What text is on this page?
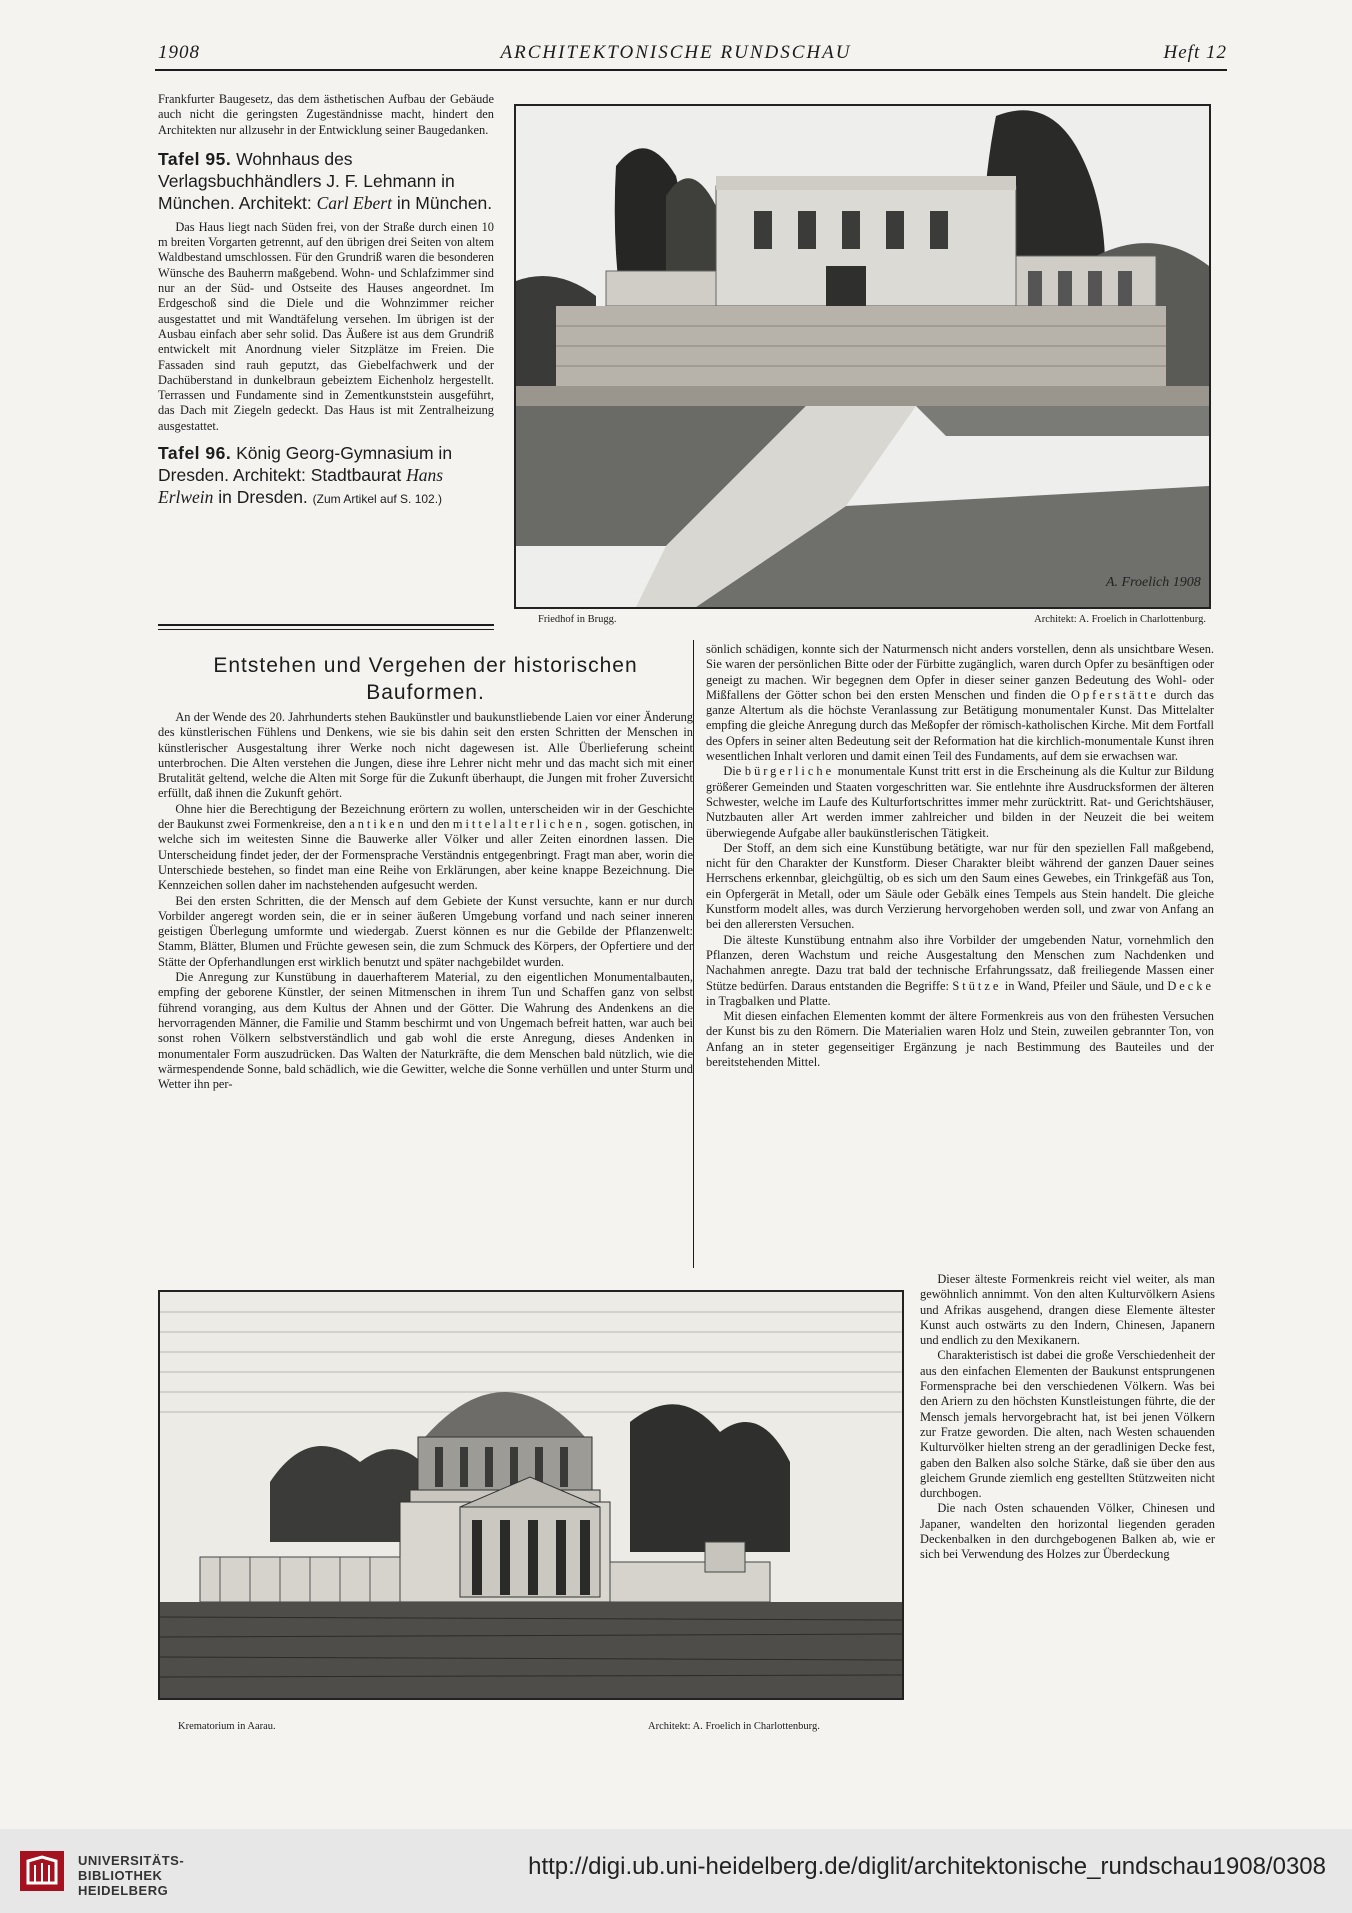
1908	ARCHITEKTONISCHE RUNDSCHAU	Heft 12

Frankfurter Baugesetz, das dem ästhetischen Aufbau der Gebäude auch nicht die geringsten Zugeständnisse macht, hindert den Architekten nur allzusehr in der Entwicklung seiner Baugedanken.

Tafel 95. Wohnhaus des Verlagsbuchhändlers J. F. Lehmann in München. Architekt: Carl Ebert in München.

Das Haus liegt nach Süden frei, von der Straße durch einen 10 m breiten Vorgarten getrennt, auf den übrigen drei Seiten von altem Waldbestand umschlossen. Für den Grundriß waren die besonderen Wünsche des Bauherrn maßgebend. Wohn- und Schlafzimmer sind nur an der Süd- und Ostseite des Hauses angeordnet. Im Erdgeschoß sind die Diele und die Wohnzimmer reicher ausgestattet und mit Wandtäfelung versehen. Im übrigen ist der Ausbau einfach aber sehr solid. Das Äußere ist aus dem Grundriß entwickelt mit Anordnung vieler Sitzplätze im Freien. Die Fassaden sind rauh geputzt, das Giebelfachwerk und der Dachüberstand in dunkelbraun gebeiztem Eichenholz hergestellt. Terrassen und Fundamente sind in Zementkunststein ausgeführt, das Dach mit Ziegeln gedeckt. Das Haus ist mit Zentralheizung ausgestattet.

Tafel 96. König Georg-Gymnasium in Dresden. Architekt: Stadtbaurat Hans Erlwein in Dresden. (Zum Artikel auf S. 102.)
A. Froelich 1908
Friedhof in Brugg.	Architekt: A. Froelich in Charlottenburg.
Entstehen und Vergehen der historischen
Bauformen.

An der Wende des 20. Jahrhunderts stehen Baukünstler und baukunstliebende Laien vor einer Änderung des künstlerischen Fühlens und Denkens, wie sie bis dahin seit den ersten Schritten der Menschen in künstlerischer Ausgestaltung ihrer Werke noch nicht dagewesen ist. Alle Überlieferung scheint unterbrochen. Die Alten verstehen die Jungen, diese ihre Lehrer nicht mehr und das macht sich mit einer Brutalität geltend, welche die Alten mit Sorge für die Zukunft überhaupt, die Jungen mit froher Zuversicht erfüllt, daß ihnen die Zukunft gehört.

Ohne hier die Berechtigung der Bezeichnung erörtern zu wollen, unterscheiden wir in der Geschichte der Baukunst zwei Formenkreise, den antiken und den mittelalterlichen, sogen. gotischen, in welche sich im weitesten Sinne die Bauwerke aller Völker und aller Zeiten einordnen lassen. Die Unterscheidung findet jeder, der der Formensprache Verständnis entgegenbringt. Fragt man aber, worin die Unterschiede bestehen, so findet man eine Reihe von Erklärungen, aber keine knappe Bezeichnung. Die Kennzeichen sollen daher im nachstehenden aufgesucht werden.

Bei den ersten Schritten, die der Mensch auf dem Gebiete der Kunst versuchte, kann er nur durch Vorbilder angeregt worden sein, die er in seiner äußeren Umgebung vorfand und nach seiner inneren geistigen Überlegung umformte und wiedergab. Zuerst können es nur die Gebilde der Pflanzenwelt: Stamm, Blätter, Blumen und Früchte gewesen sein, die zum Schmuck des Körpers, der Opfertiere und der Stätte der Opferhandlungen erst wirklich benutzt und später nachgebildet wurden.

Die Anregung zur Kunstübung in dauerhafterem Material, zu den eigentlichen Monumentalbauten, empfing der geborene Künstler, der seinen Mitmenschen in ihrem Tun und Schaffen ganz von selbst führend voranging, aus dem Kultus der Ahnen und der Götter. Die Wahrung des Andenkens an die hervorragenden Männer, die Familie und Stamm beschirmt und von Ungemach befreit hatten, war auch bei sonst rohen Völkern selbstverständlich und gab wohl die erste Anregung, dieses Andenken in monumentaler Form auszudrücken. Das Walten der Naturkräfte, die dem Menschen bald nützlich, wie die wärmespendende Sonne, bald schädlich, wie die Gewitter, welche die Sonne verhüllen und unter Sturm und Wetter ihn per-

sönlich schädigen, konnte sich der Naturmensch nicht anders vorstellen, denn als unsichtbare Wesen. Sie waren der persönlichen Bitte oder der Fürbitte zugänglich, waren durch Opfer zu besänftigen oder geneigt zu machen. Wir begegnen dem Opfer in dieser seiner ganzen Bedeutung des Wohl- oder Mißfallens der Götter schon bei den ersten Menschen und finden die Opferstätte durch das ganze Altertum als die höchste Veranlassung zur Betätigung monumentaler Kunst. Das Mittelalter empfing die gleiche Anregung durch das Meßopfer der römisch-katholischen Kirche. Mit dem Fortfall des Opfers in seiner alten Bedeutung seit der Reformation hat die kirchlich-monumentale Kunst ihren wesentlichen Inhalt verloren und damit einen Teil des Fundaments, auf dem sie erwachsen war.

Die bürgerliche monumentale Kunst tritt erst in die Erscheinung als die Kultur zur Bildung größerer Gemeinden und Staaten vorgeschritten war. Sie entlehnte ihre Ausdrucksformen der älteren Schwester, welche im Laufe des Kulturfortschrittes immer mehr zurücktritt. Rat- und Gerichtshäuser, Nutzbauten aller Art werden immer zahlreicher und bilden in der Neuzeit die bei weitem überwiegende Aufgabe aller baukünstlerischen Tätigkeit.

Der Stoff, an dem sich eine Kunstübung betätigte, war nur für den speziellen Fall maßgebend, nicht für den Charakter der Kunstform. Dieser Charakter bleibt während der ganzen Dauer seines Herrschens erkennbar, gleichgültig, ob es sich um den Saum eines Gewebes, ein Trinkgefäß aus Ton, ein Opfergerät in Metall, oder um Säule oder Gebälk eines Tempels aus Stein handelt. Die gleiche Kunstform modelt alles, was durch Verzierung hervorgehoben werden soll, und zwar von Anfang an bei den allerersten Versuchen.

Die älteste Kunstübung entnahm also ihre Vorbilder der umgebenden Natur, vornehmlich den Pflanzen, deren Wachstum und reiche Ausgestaltung den Menschen zum Nachdenken und Nachahmen anregte. Dazu trat bald der technische Erfahrungssatz, daß freiliegende Massen einer Stütze bedürfen. Daraus entstanden die Begriffe: Stütze in Wand, Pfeiler und Säule, und Decke in Tragbalken und Platte.

Mit diesen einfachen Elementen kommt der ältere Formenkreis aus von den frühesten Versuchen der Kunst bis zu den Römern. Die Materialien waren Holz und Stein, zuweilen gebrannter Ton, von Anfang an in steter gegenseitiger Ergänzung je nach Bestimmung des Bauteiles und der bereitstehenden Mittel.

Dieser älteste Formenkreis reicht viel weiter, als man gewöhnlich annimmt. Von den alten Kulturvölkern Asiens und Afrikas ausgehend, drangen diese Elemente ältester Kunst auch ostwärts zu den Indern, Chinesen, Japanern und endlich zu den Mexikanern.

Charakteristisch ist dabei die große Verschiedenheit der aus den einfachen Elementen der Baukunst entsprungenen Formensprache bei den verschiedenen Völkern. Was bei den Ariern zu den höchsten Kunstleistungen führte, die der Mensch jemals hervorgebracht hat, ist bei jenen Völkern zur Fratze geworden. Die alten, nach Westen schauenden Kulturvölker hielten streng an der geradlinigen Decke fest, gaben den Balken also solche Stärke, daß sie über den aus gleichem Grunde ziemlich eng gestellten Stützweiten nicht durchbogen.

Die nach Osten schauenden Völker, Chinesen und Japaner, wandelten den horizontal liegenden geraden Deckenbalken in den durchgebogenen Balken ab, wie er sich bei Verwendung des Holzes zur Überdeckung

Krematorium in Aarau.	Architekt: A. Froelich in Charlottenburg.
UNIVERSITÄTS-
BIBLIOTHEK
HEIDELBERG
http://digi.ub.uni-heidelberg.de/diglit/architektonische_rundschau1908/0308
